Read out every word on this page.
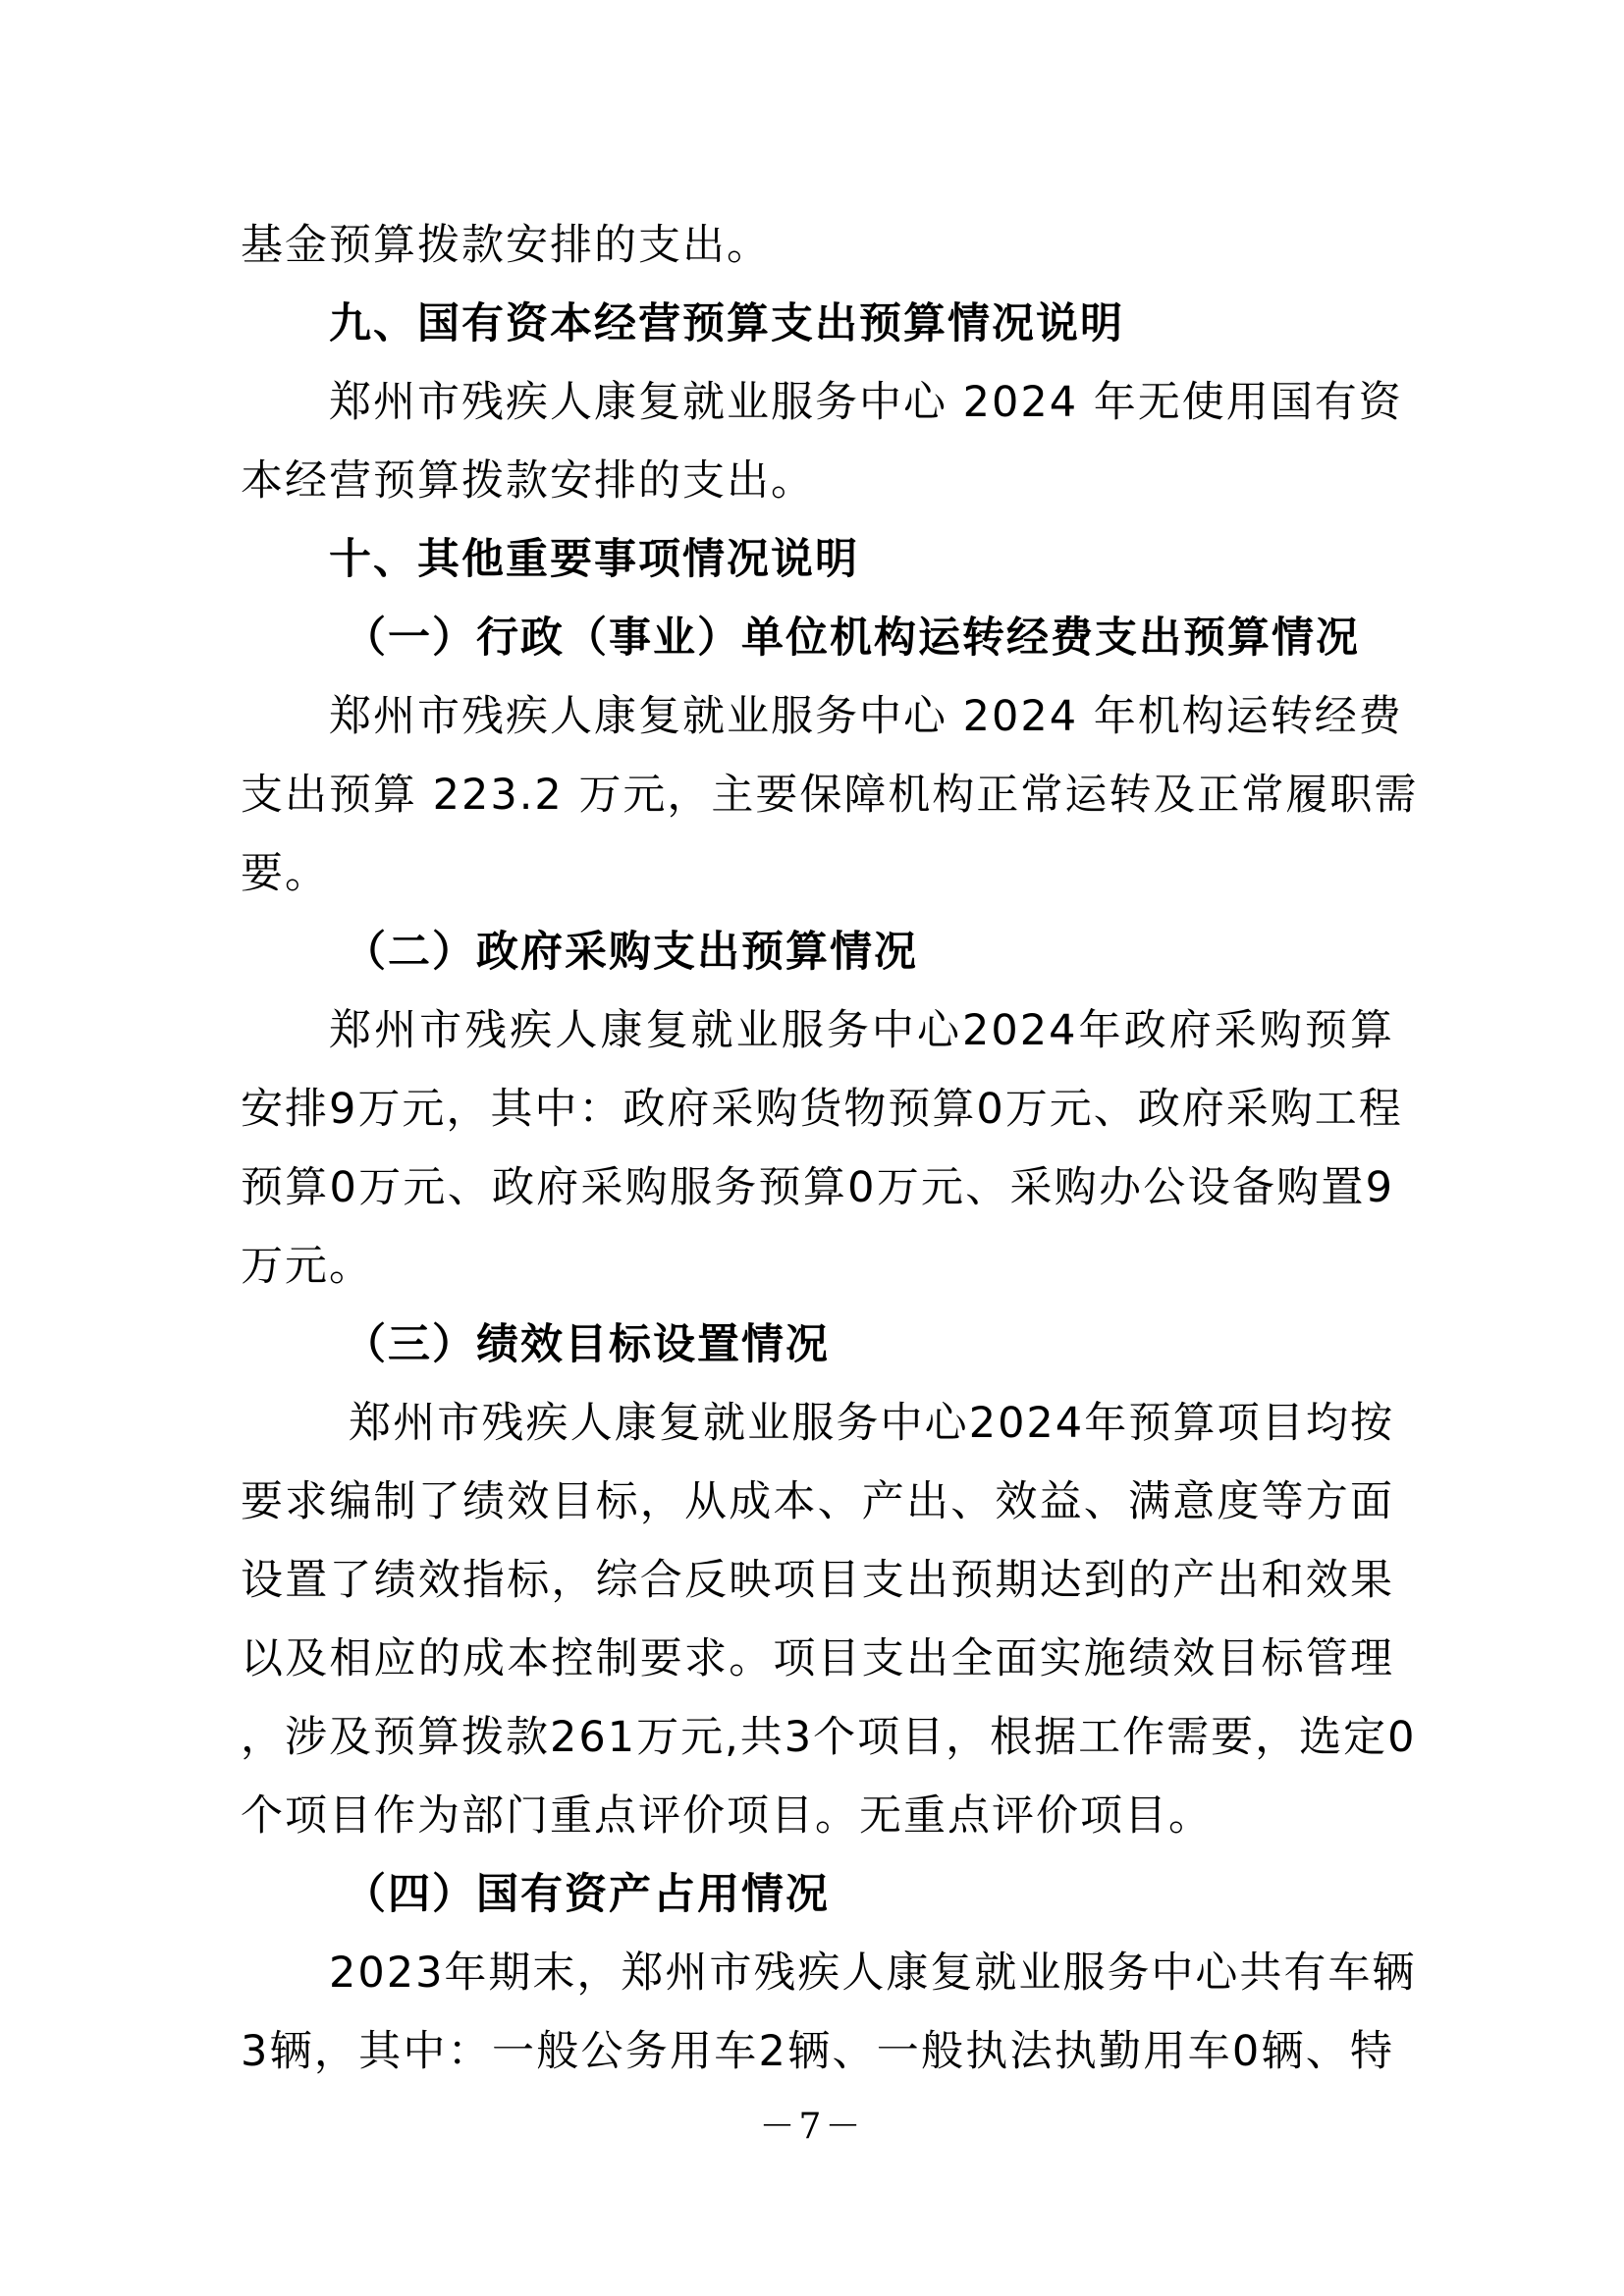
基金预算拨款安排的支出。
九、国有资本经营预算支出预算情况说明
郑州市残疾人康复就业服务中心 2024 年无使用国有资
本经营预算拨款安排的支出。
十、其他重要事项情况说明
（一）行政（事业）单位机构运转经费支出预算情况
郑州市残疾人康复就业服务中心 2024 年机构运转经费
支出预算 223.2 万元，主要保障机构正常运转及正常履职需
要。
（二）政府采购支出预算情况
郑州市残疾人康复就业服务中心2024年政府采购预算
安排9万元，其中：政府采购货物预算0万元、政府采购工程
预算0万元、政府采购服务预算0万元、采购办公设备购置9
万元。
（三）绩效目标设置情况
郑州市残疾人康复就业服务中心2024年预算项目均按
要求编制了绩效目标，从成本、产出、效益、满意度等方面
设置了绩效指标，综合反映项目支出预期达到的产出和效果
以及相应的成本控制要求。项目支出全面实施绩效目标管理
，涉及预算拨款261万元,共3个项目，根据工作需要，选定0
个项目作为部门重点评价项目。无重点评价项目。
（四）国有资产占用情况
2023年期末，郑州市残疾人康复就业服务中心共有车辆
3辆，其中：一般公务用车2辆、一般执法执勤用车0辆、特
－7－
